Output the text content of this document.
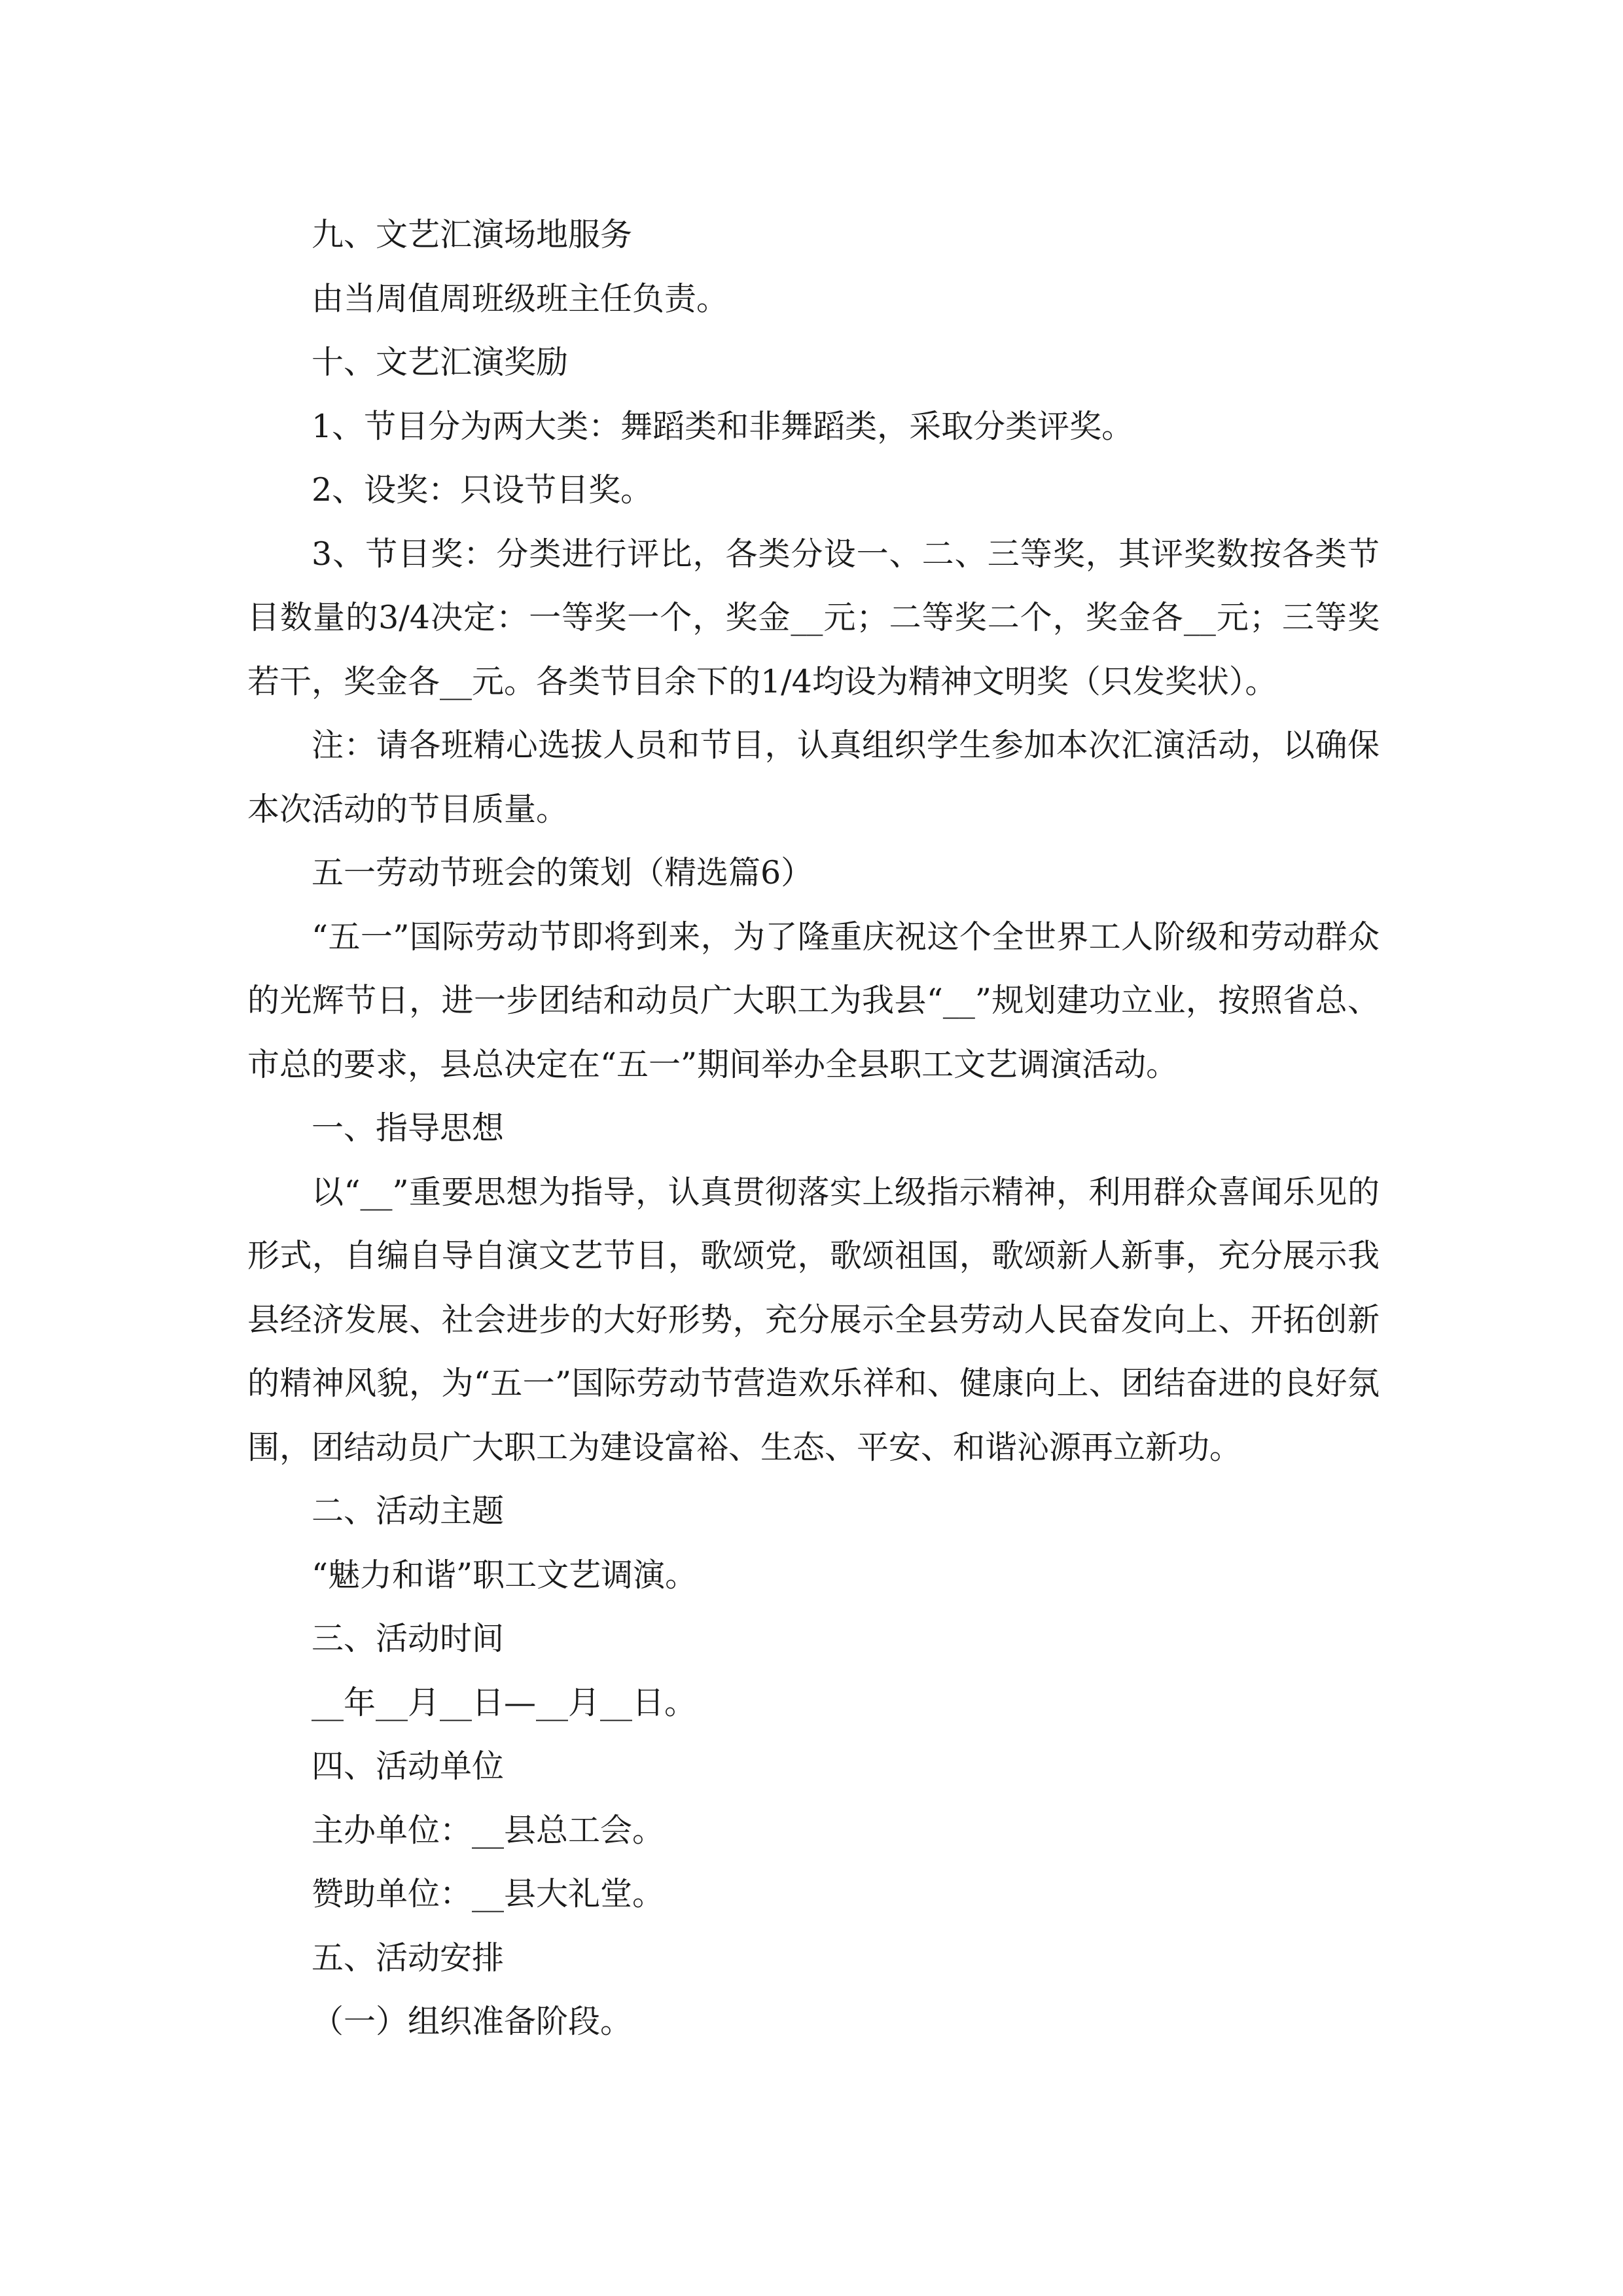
九、文艺汇演场地服务

由当周值周班级班主任负责。

十、文艺汇演奖励

1、节目分为两大类：舞蹈类和非舞蹈类，采取分类评奖。

2、设奖：只设节目奖。

3、节目奖：分类进行评比，各类分设一、二、三等奖，其评奖数按各类节目数量的3/4决定：一等奖一个，奖金__元；二等奖二个，奖金各__元；三等奖若干，奖金各__元。各类节目余下的1/4均设为精神文明奖（只发奖状）。

注：请各班精心选拔人员和节目，认真组织学生参加本次汇演活动，以确保本次活动的节目质量。

五一劳动节班会的策划（精选篇6）

“五一”国际劳动节即将到来，为了隆重庆祝这个全世界工人阶级和劳动群众的光辉节日，进一步团结和动员广大职工为我县“__”规划建功立业，按照省总、市总的要求，县总决定在“五一”期间举办全县职工文艺调演活动。

一、指导思想

以“__”重要思想为指导，认真贯彻落实上级指示精神，利用群众喜闻乐见的形式，自编自导自演文艺节目，歌颂党，歌颂祖国，歌颂新人新事，充分展示我县经济发展、社会进步的大好形势，充分展示全县劳动人民奋发向上、开拓创新的精神风貌，为“五一”国际劳动节营造欢乐祥和、健康向上、团结奋进的良好氛围，团结动员广大职工为建设富裕、生态、平安、和谐沁源再立新功。

二、活动主题

“魅力和谐”职工文艺调演。

三、活动时间

__年__月__日—__月__日。

四、活动单位

主办单位：__县总工会。

赞助单位：__县大礼堂。

五、活动安排

（一）组织准备阶段。
